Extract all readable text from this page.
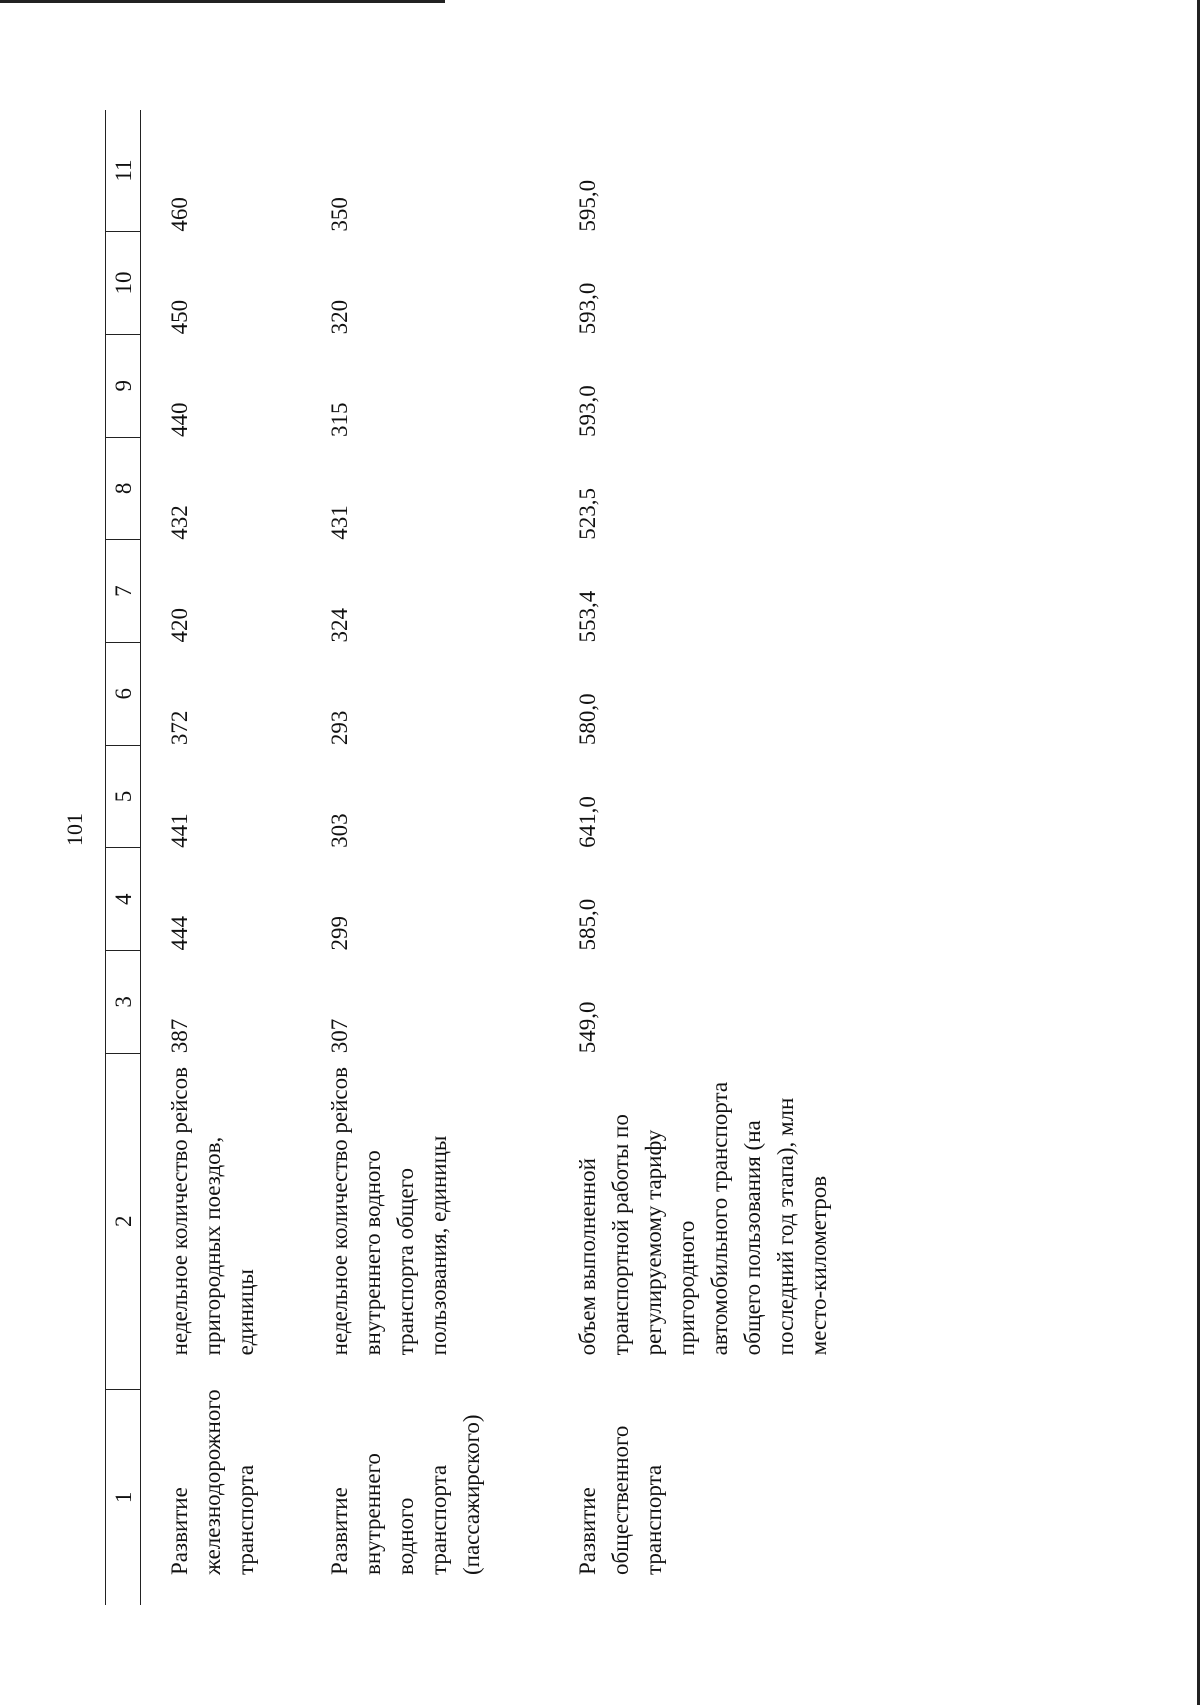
101
1	2	3	4	5	6	7	8	9	10	11
Развитие железнодорожного транспорта	недельное количество рейсов пригородных поездов, единицы	387	444	441	372	420	432	440	450	460
Развитие внутреннего водного транспорта (пассажирского)	недельное количество рейсов внутреннего водного транспорта общего пользования, единицы	307	299	303	293	324	431	315	320	350
Развитие общественного транспорта	объем выполненной транспортной работы по регулируемому тарифу пригородного автомобильного транспорта общего пользования (на последний год этапа), млн место-километров	549,0	585,0	641,0	580,0	553,4	523,5	593,0	593,0	595,0
